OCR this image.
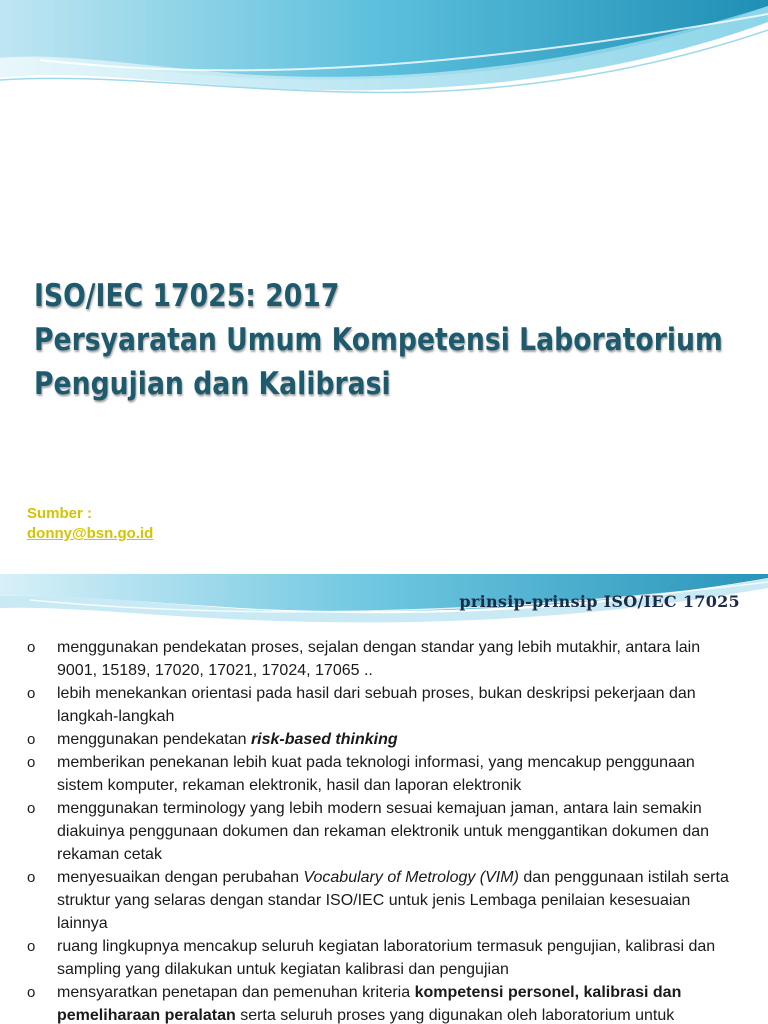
ISO/IEC 17025: 2017
Persyaratan Umum Kompetensi Laboratorium
Pengujian dan Kalibrasi
Sumber :
donny@bsn.go.id
prinsip-prinsip ISO/IEC 17025
o menggunakan pendekatan proses, sejalan dengan standar yang lebih mutakhir, antara lain 9001, 15189, 17020, 17021, 17024, 17065 ..
o lebih menekankan orientasi pada hasil dari sebuah proses, bukan deskripsi pekerjaan dan langkah-langkah
o menggunakan pendekatan risk-based thinking
o memberikan penekanan lebih kuat pada teknologi informasi, yang mencakup penggunaan sistem komputer, rekaman elektronik, hasil dan laporan elektronik
o menggunakan terminology yang lebih modern sesuai kemajuan jaman, antara lain semakin diakuinya penggunaan dokumen dan rekaman elektronik untuk menggantikan dokumen dan rekaman cetak
o menyesuaikan dengan perubahan Vocabulary of Metrology (VIM) dan penggunaan istilah serta struktur yang selaras dengan standar ISO/IEC untuk jenis Lembaga penilaian kesesuaian lainnya
o ruang lingkupnya mencakup seluruh kegiatan laboratorium termasuk pengujian, kalibrasi dan sampling yang dilakukan untuk kegiatan kalibrasi dan pengujian
o mensyaratkan penetapan dan pemenuhan kriteria kompetensi personel, kalibrasi dan pemeliharaan peralatan serta seluruh proses yang digunakan oleh laboratorium untuk
